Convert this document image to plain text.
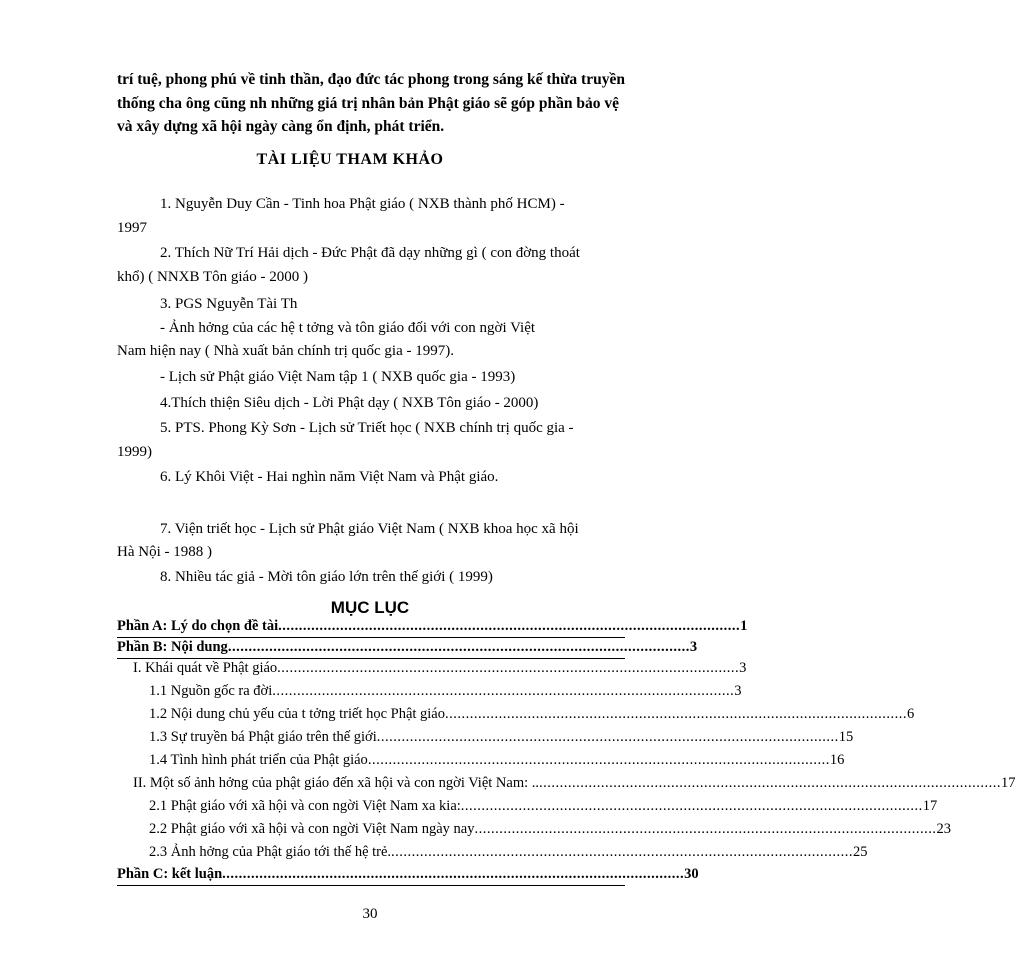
trí tuệ, phong phú về tinh thần, đạo đức tác phong trong sáng kế thừa truyền
thống cha ông cũng nh những giá trị nhân bản Phật giáo sẽ góp phần bảo vệ
và xây dựng xã hội ngày càng ổn định, phát triển.
TÀI LIỆU THAM KHẢO
1. Nguyễn Duy Cần - Tinh hoa Phật giáo ( NXB thành phố HCM) -
1997
2. Thích Nữ Trí Hải dịch - Đức Phật đã dạy những gì ( con đờng thoát
khổ) ( NNXB Tôn giáo - 2000 )
3. PGS Nguyễn Tài Th
- Ảnh hởng của các hệ t tởng và tôn giáo đối với con ngời Việt
Nam hiện nay ( Nhà xuất bản chính trị quốc gia - 1997).
- Lịch sử Phật giáo Việt Nam tập 1 ( NXB quốc gia - 1993)
4.Thích thiện Siêu dịch - Lời Phật dạy ( NXB Tôn giáo - 2000)
5. PTS. Phong Kỳ Sơn - Lịch sử Triết học ( NXB chính trị quốc gia -
1999)
6. Lý Khôi Việt - Hai nghìn năm Việt Nam và Phật giáo.
7. Viện triết học - Lịch sử Phật giáo Việt Nam ( NXB khoa học xã hội
Hà Nội - 1988 )
8. Nhiều tác giả - Mời tôn giáo lớn trên thế giới ( 1999)
MỤC LỤC
Phần A: Lý do chọn đề tài ................................................................................................................ 1
Phần B: Nội dung ................................................................................................................ 3
I. Khái quát về Phật giáo ................................................................................................................ 3
1.1 Nguồn gốc ra đời ................................................................................................................ 3
1.2 Nội dung chủ yếu của t tởng triết học Phật giáo ................................................................................................................ 6
1.3 Sự truyền bá Phật giáo trên thế giới ................................................................................................................ 15
1.4 Tình hình phát triển của Phật giáo ................................................................................................................ 16
II. Một số ảnh hởng của phật giáo đến xã hội và con ngời Việt Nam: .. ................................................................................................................ 17
2.1 Phật giáo với xã hội và con ngời Việt Nam xa kia: ................................................................................................................ 17
2.2 Phật giáo với xã hội và con ngời Việt Nam ngày nay ................................................................................................................ 23
2.3 Ảnh hởng của Phật giáo tới thế hệ trẻ. ................................................................................................................ 25
Phần C: kết luận ................................................................................................................ 30
30
